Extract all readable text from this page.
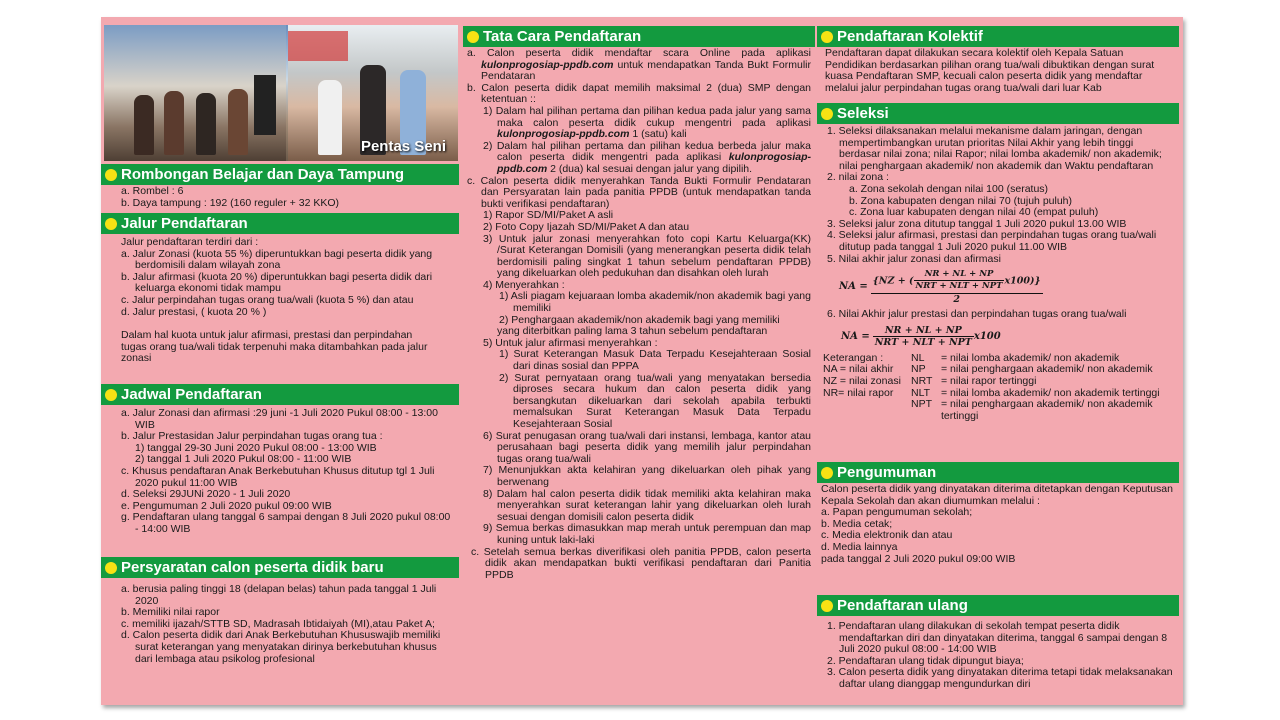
Pentas Seni
Rombongan Belajar dan Daya Tampung

a. Rombel : 6

b. Daya tampung : 192 (160 reguler + 32 KKO)

Jalur Pendaftaran

Jalur pendaftaran terdiri dari :

a. Jalur Zonasi (kuota 55 %) diperuntukkan bagi peserta didik yang berdomisili dalam wilayah zona

b. Jalur afirmasi (kuota 20 %) diperuntukkan bagi peserta didik dari keluarga ekonomi tidak mampu

c. Jalur perpindahan tugas orang tua/wali (kuota 5 %) dan atau

d. Jalur prestasi, ( kuota 20 % )

Dalam hal kuota untuk jalur afirmasi, prestasi dan perpindahan tugas orang tua/wali tidak terpenuhi maka ditambahkan pada jalur zonasi

Jadwal Pendaftaran

a. Jalur Zonasi dan afirmasi :29 juni -1 Juli 2020 Pukul 08:00 - 13:00 WIB

b. Jalur Prestasidan Jalur perpindahan tugas orang tua :

1) tanggal 29-30 Juni 2020 Pukul 08:00 - 13:00 WIB

2) tanggal 1 Juli 2020 Pukul 08:00 - 11:00 WIB

c. Khusus pendaftaran Anak Berkebutuhan Khusus ditutup tgl 1 Juli 2020 pukul 11:00 WIB

d. Seleksi 29JUNi 2020 - 1 Juli 2020

e. Pengumuman 2 Juli 2020 pukul 09:00 WIB

g. Pendaftaran ulang tanggal 6 sampai dengan 8 Juli 2020 pukul 08:00 - 14:00 WIB

Persyaratan calon peserta didik baru

a. berusia paling tinggi 18 (delapan belas) tahun pada tanggal 1 Juli 2020

b. Memiliki nilai rapor

c. memiliki ijazah/STTB SD, Madrasah Ibtidaiyah (MI),atau Paket A;

d. Calon peserta didik dari Anak Berkebutuhan Khususwajib memiliki surat keterangan yang menyatakan dirinya berkebutuhan khusus dari lembaga atau psikolog profesional

Tata Cara Pendaftaran

a. Calon peserta didik mendaftar scara Online pada aplikasi kulonprogosiap-ppdb.com untuk mendapatkan Tanda Bukt Formulir Pendataran

b. Calon peserta didik dapat memilih maksimal 2 (dua) SMP dengan ketentuan ::

1) Dalam hal pilihan pertama dan pilihan kedua pada jalur yang sama maka calon peserta didik cukup mengentri pada aplikasi kulonprogosiap-ppdb.com 1 (satu) kali

2) Dalam hal pilihan pertama dan pilihan kedua berbeda jalur maka calon peserta didik mengentri pada aplikasi kulonprogosiap-ppdb.com 2 (dua) kal sesuai dengan jalur yang dipilih.

c. Calon peserta didik menyerahkan Tanda Bukti Formulir Pendataran dan Persyaratan lain pada panitia PPDB (untuk mendapatkan tanda bukti verifikasi pendaftaran)

1) Rapor SD/MI/Paket A asli

2) Foto Copy Ijazah SD/MI/Paket A dan atau

3) Untuk jalur zonasi menyerahkan foto copi Kartu Keluarga(KK) /Surat Keterangan Domisili (yang menerangkan peserta didik telah berdomisili paling singkat 1 tahun sebelum pendaftaran PPDB) yang dikeluarkan oleh pedukuhan dan disahkan oleh lurah

4) Menyerahkan :

1) Asli piagam kejuaraan lomba akademik/non akademik bagi yang memiliki

2) Penghargaan akademik/non akademik bagi yang memiliki

yang diterbitkan paling lama 3 tahun sebelum pendaftaran

5) Untuk jalur afirmasi menyerahkan :

1) Surat Keterangan Masuk Data Terpadu Kesejahteraan Sosial dari dinas sosial dan PPPA

2) Surat pernyataan orang tua/wali yang menyatakan bersedia diproses secara hukum dan calon peserta didik yang bersangkutan dikeluarkan dari sekolah apabila terbukti memalsukan Surat Keterangan Masuk Data Terpadu Kesejahteraan Sosial

6) Surat penugasan orang tua/wali dari instansi, lembaga, kantor atau perusahaan bagi peserta didik yang memilih jalur perpindahan tugas orang tua/wali

7) Menunjukkan akta kelahiran yang dikeluarkan oleh pihak yang berwenang

8) Dalam hal calon peserta didik tidak memiliki akta kelahiran maka menyerahkan surat keterangan lahir yang dikeluarkan oleh lurah sesuai dengan domisili calon peserta didik

9) Semua berkas dimasukkan map merah untuk perempuan dan map kuning untuk laki-laki

c. Setelah semua berkas diverifikasi oleh panitia PPDB, calon peserta didik akan mendapatkan bukti verifikasi pendaftaran dari Panitia PPDB

Pendaftaran Kolektif
Pendaftaran dapat dilakukan secara kolektif oleh Kepala Satuan Pendidikan berdasarkan pilihan orang tua/wali dibuktikan dengan surat kuasa Pendaftaran SMP, kecuali calon peserta didik yang mendaftar melalui jalur perpindahan tugas orang tua/wali dari luar Kab
Seleksi

1. Seleksi dilaksanakan melalui mekanisme dalam jaringan, dengan mempertimbangkan urutan prioritas Nilai Akhir yang lebih tinggi berdasar nilai zona; nilai Rapor; nilai lomba akademik/ non akademik; nilai penghargaan akademik/ non akademik dan Waktu pendaftaran

2. nilai zona :

a. Zona sekolah dengan nilai 100 (seratus)

b. Zona kabupaten dengan nilai 70 (tujuh puluh)

c. Zona luar kabupaten dengan nilai 40 (empat puluh)

3. Seleksi jalur zona ditutup tanggal 1 Juli 2020 pukul 13.00 WIB

4. Seleksi jalur afirmasi, prestasi dan perpindahan tugas orang tua/wali ditutup pada tanggal 1 Juli 2020 pukul 11.00 WIB

5. Nilai akhir jalur zonasi dan afirmasi

NA =
$\frac{\{NZ + ( \frac{NR + NL + NP}{\text{NRT + NLT + NPT}} x100)\}}{2}$

6. Nilai Akhir jalur prestasi dan perpindahan tugas orang tua/wali

NA =
$\frac{NR + NL + NP}{\text{NRT + NLT + NPT}} x100$
Keterangan :	NL	= nilai lomba akademik/ non akademik
NA = nilai akhir	NP	= nilai penghargaan akademik/ non akademik
NZ = nilai zonasi	NRT	= nilai rapor tertinggi
NR= nilai rapor	NLT	= nilai lomba akademik/ non akademik tertinggi
	NPT	= nilai penghargaan akademik/ non akademik tertinggi
Pengumuman

Calon peserta didik yang dinyatakan diterima ditetapkan dengan Keputusan Kepala Sekolah dan akan diumumkan melalui :

a. Papan pengumuman sekolah;

b. Media cetak;

c. Media elektronik dan atau

d. Media lainnya

pada tanggal 2 Juli 2020 pukul 09:00 WIB

Pendaftaran ulang

1. Pendaftaran ulang dilakukan di sekolah tempat peserta didik mendaftarkan diri dan dinyatakan diterima, tanggal 6 sampai dengan 8 Juli 2020 pukul 08:00 - 14:00 WIB

2. Pendaftaran ulang tidak dipungut biaya;

3. Calon peserta didik yang dinyatakan diterima tetapi tidak melaksanakan daftar ulang dianggap mengundurkan diri
